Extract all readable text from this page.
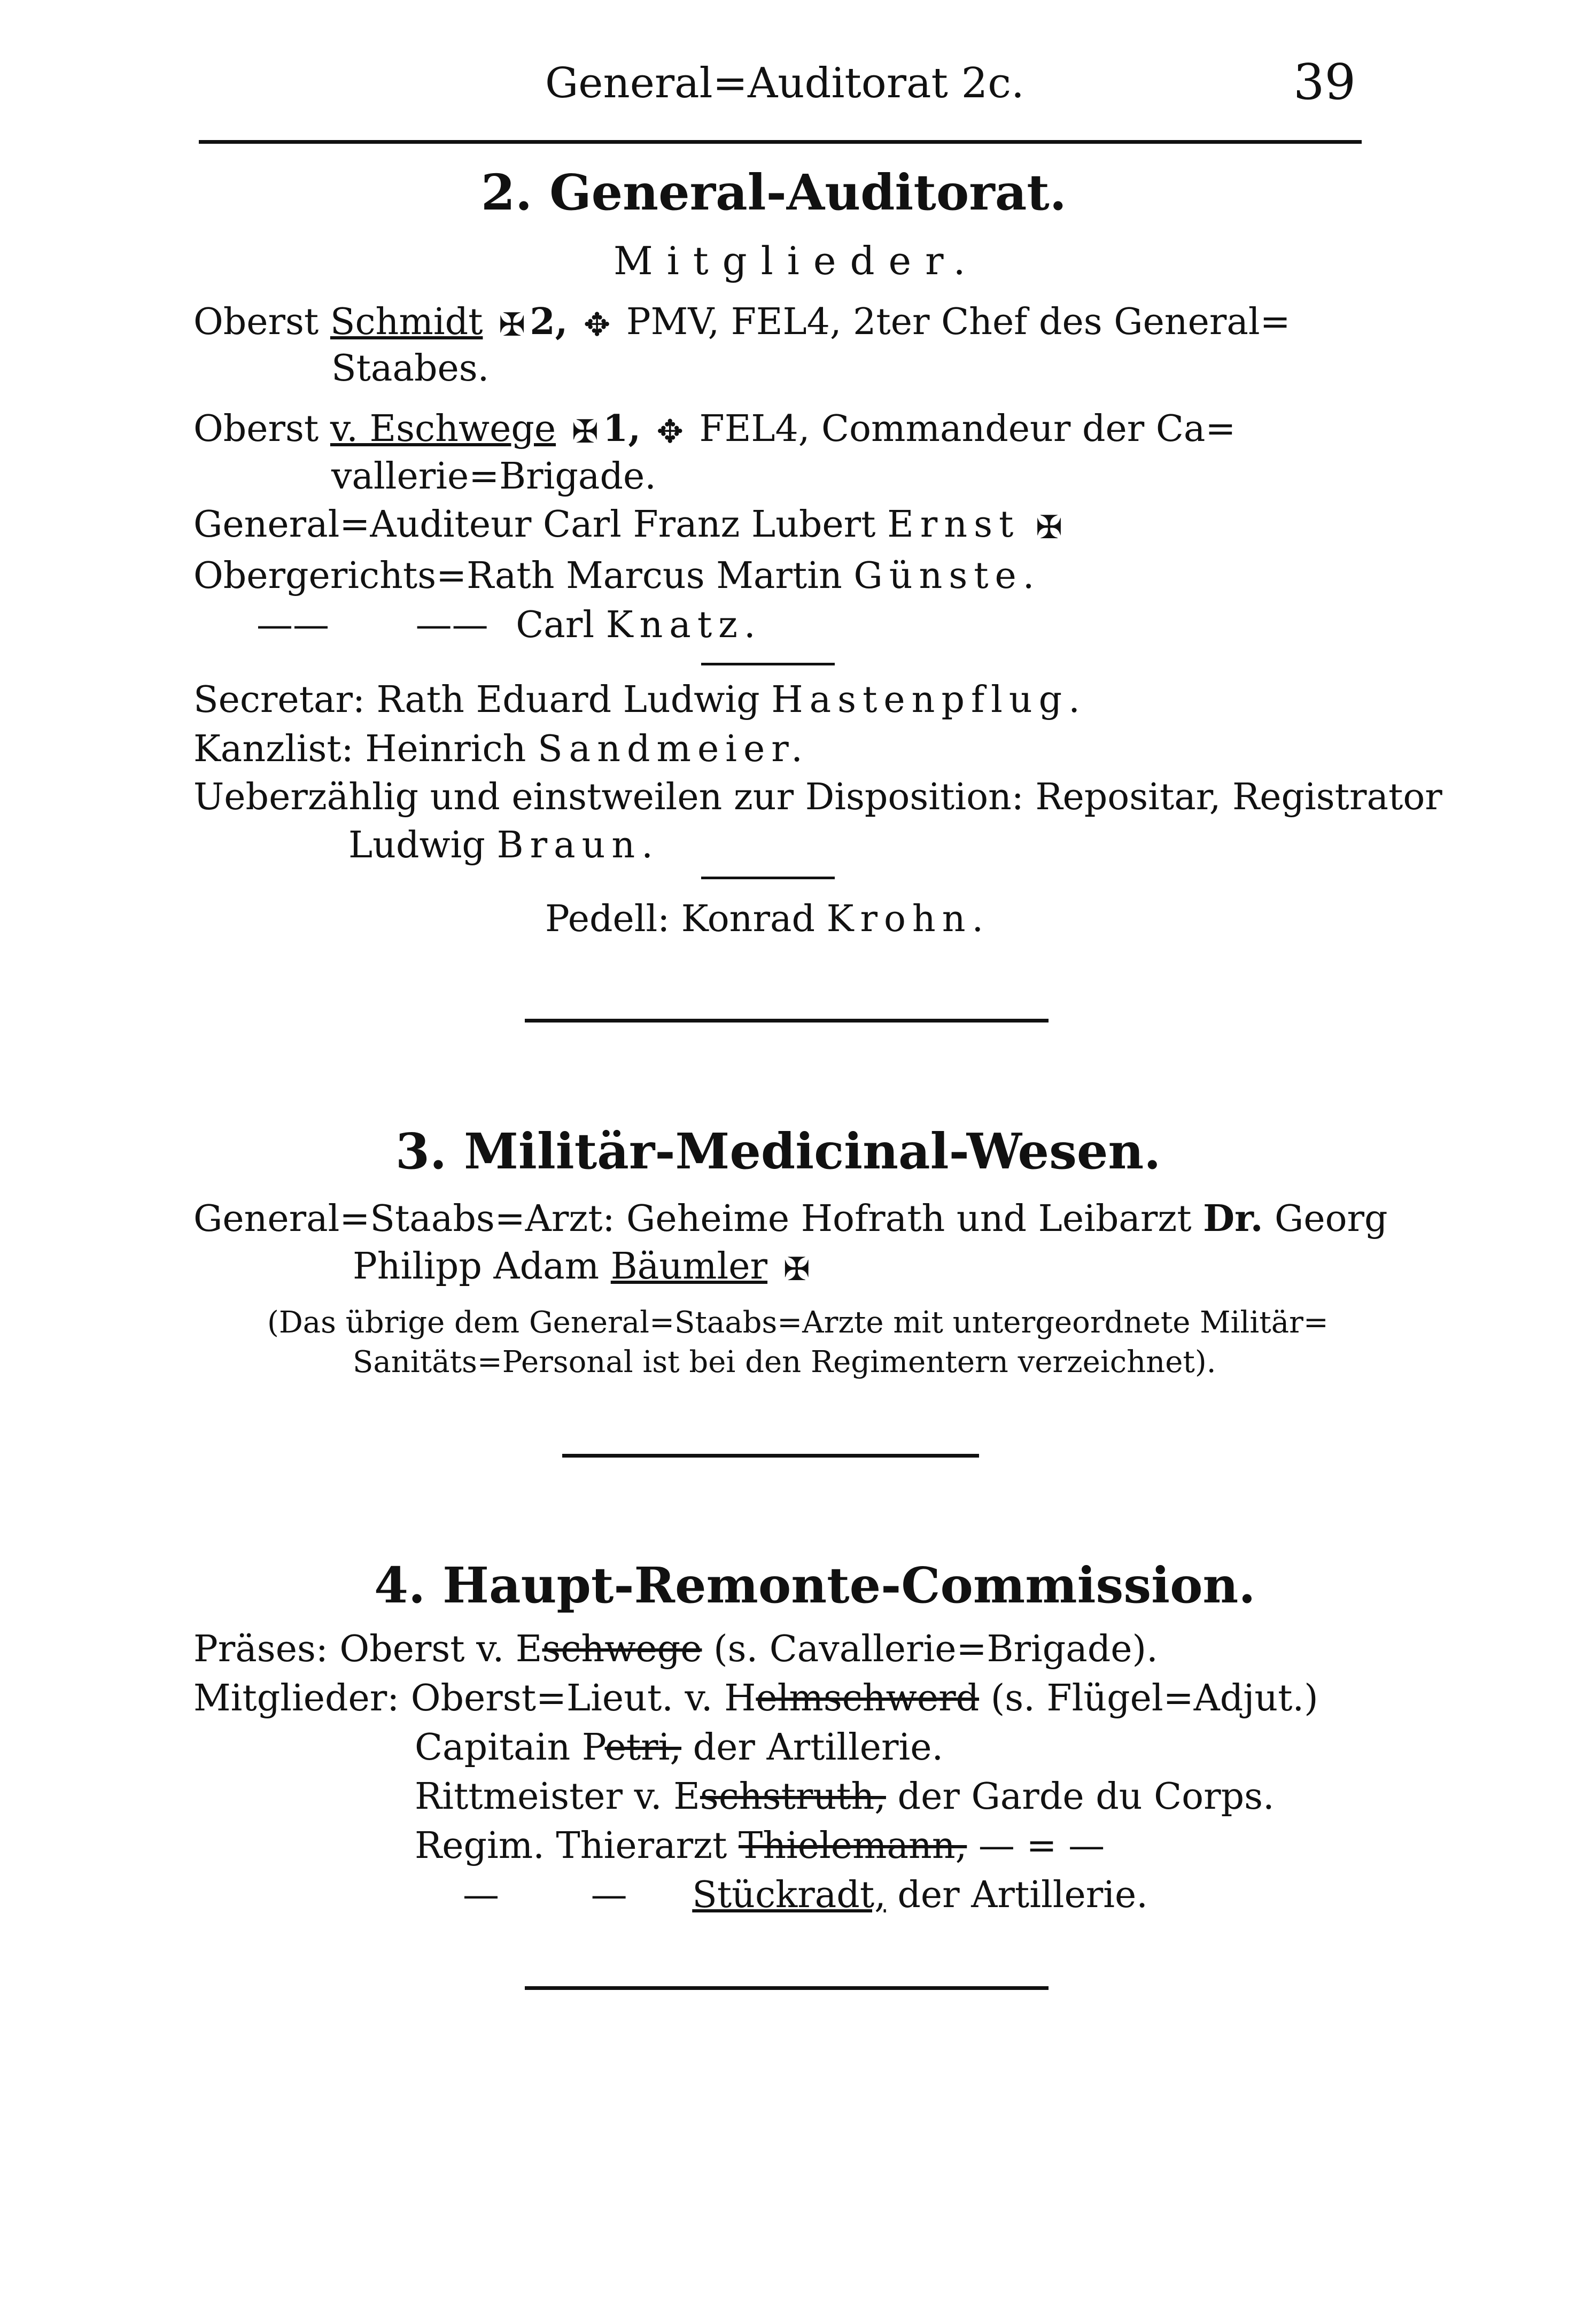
General=Auditorat 2c.	39
2. General-Auditorat.
Mitglieder.
Oberst Schmidt ✠ 2, ✥ PMV, FEL4, 2ter Chef des General=
Staabes.
Oberst v. Eschwege ✠ 1, ✥ FEL4, Commandeur der Ca=
vallerie=Brigade.
General=Auditeur Carl Franz Lubert Ernst ✠
Obergerichts=Rath Marcus Martin Günste.
—— —— Carl Knatz.
Secretar: Rath Eduard Ludwig Hastenpflug.
Kanzlist: Heinrich Sandmeier.
Ueberzählig und einstweilen zur Disposition: Repositar, Registrator
Ludwig Braun.
Pedell: Konrad Krohn.
3. Militär-Medicinal-Wesen.
General=Staabs=Arzt: Geheime Hofrath und Leibarzt Dr. Georg
Philipp Adam Bäumler ✠
(Das übrige dem General=Staabs=Arzte mit untergeordnete Militär=
Sanitäts=Personal ist bei den Regimentern verzeichnet).
4. Haupt-Remonte-Commission.
Präses: Oberst v. Eschwege (s. Cavallerie=Brigade).
Mitglieder: Oberst=Lieut. v. Helmschwerd (s. Flügel=Adjut.)
Capitain Petri, der Artillerie.
Rittmeister v. Eschstruth, der Garde du Corps.
Regim. Thierarzt Thielemann, — = —
—	— Stückradt, der Artillerie.
